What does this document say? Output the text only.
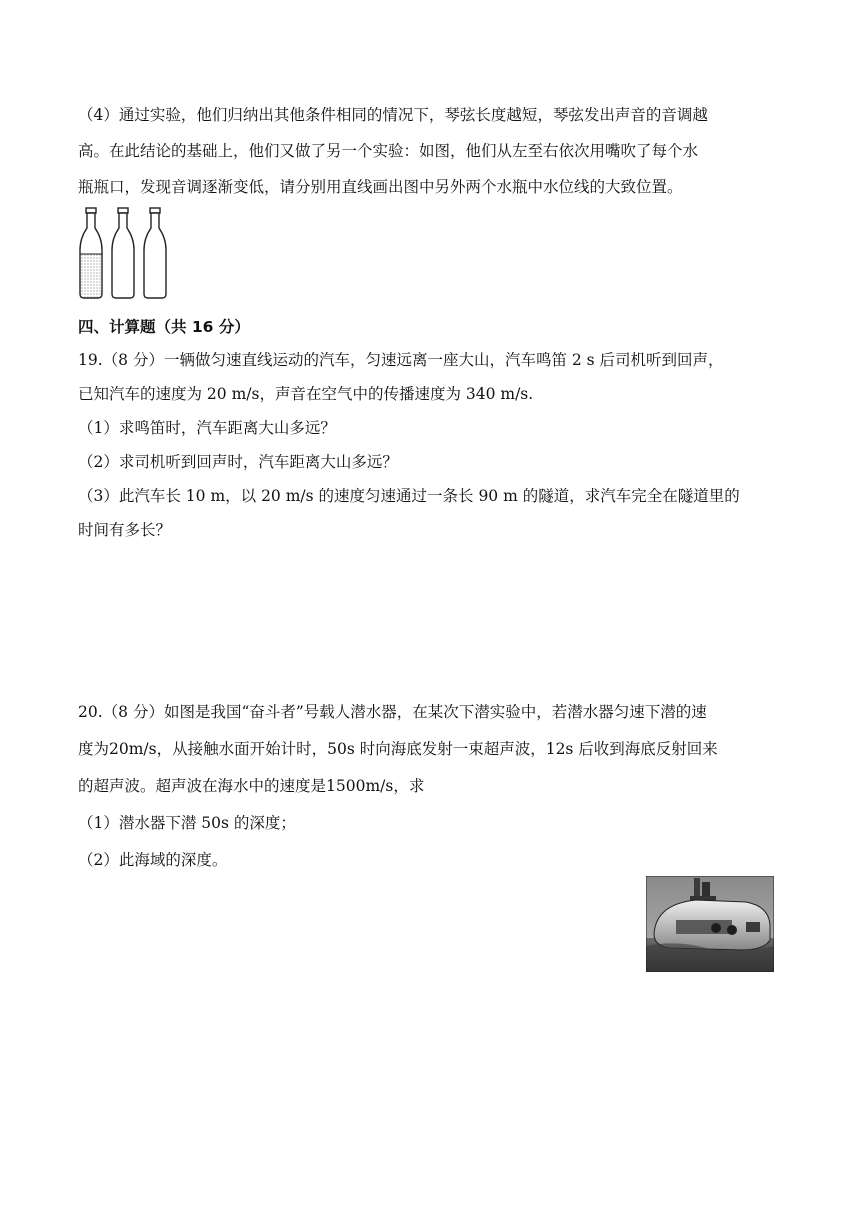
（4）通过实验，他们归纳出其他条件相同的情况下，琴弦长度越短，琴弦发出声音的音调越
高。在此结论的基础上，他们又做了另一个实验：如图，他们从左至右依次用嘴吹了每个水
瓶瓶口，发现音调逐渐变低，请分别用直线画出图中另外两个水瓶中水位线的大致位置。
四、计算题（共 16 分）
19.（8 分）一辆做匀速直线运动的汽车，匀速远离一座大山，汽车鸣笛 2 s 后司机听到回声，
已知汽车的速度为 20 m/s，声音在空气中的传播速度为 340 m/s.
（1）求鸣笛时，汽车距离大山多远？
（2）求司机听到回声时，汽车距离大山多远？
（3）此汽车长 10 m，以 20 m/s 的速度匀速通过一条长 90 m 的隧道，求汽车完全在隧道里的
时间有多长？
20.（8 分）如图是我国“奋斗者”号载人潜水器，在某次下潜实验中，若潜水器匀速下潜的速
度为20m/s，从接触水面开始计时，50s 时向海底发射一束超声波，12s 后收到海底反射回来
的超声波。超声波在海水中的速度是1500m/s，求
（1）潜水器下潜 50s 的深度；
（2）此海域的深度。
